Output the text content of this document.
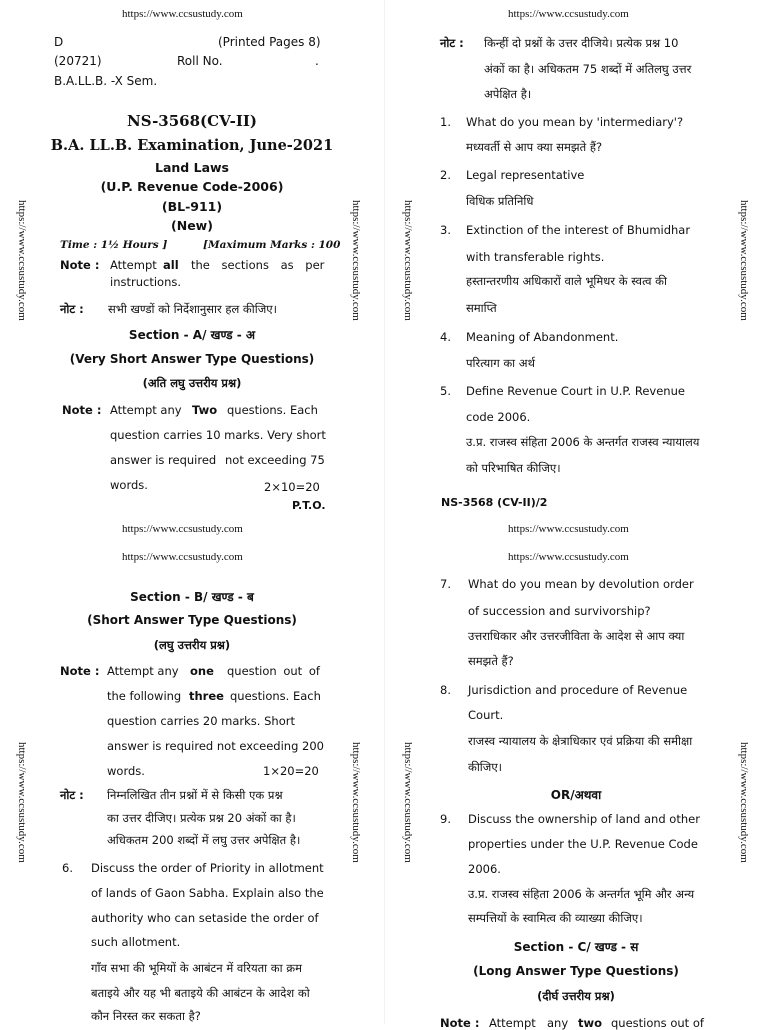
https://www.ccsustudy.com	https://www.ccsustudy.com
https://www.ccsustudy.com
https://www.ccsustudy.com
https://www.ccsustudy.com
https://www.ccsustudy.com
https://www.ccsustudy.com	https://www.ccsustudy.com	https://www.ccsustudy.com	https://www.ccsustudy.com
https://www.ccsustudy.com	https://www.ccsustudy.com	https://www.ccsustudy.com	https://www.ccsustudy.com
D	(Printed Pages 8)
(20721)	Roll No.	.
B.A.LL.B. -X Sem.
NS-3568(CV-II)
B.A. LL.B. Examination, June-2021
Land Laws
(U.P. Revenue Code-2006)
(BL-911)
(New)
Time : 1½ Hours ]	[Maximum Marks : 100
Note : Attempt all the sections as per
instructions.
नोट : सभी खण्डों को निर्देशानुसार हल कीजिए।
Section - A/ खण्ड - अ
(Very Short Answer Type Questions)
(अति लघु उत्तरीय प्रश्न)
Note : Attempt any Two questions. Each
question carries 10 marks. Very short
answer is required not exceeding 75
words.	2×10=20
P.T.O.
नोट : किन्हीं दो प्रश्नों के उत्तर दीजिये। प्रत्येक प्रश्न 10
अंकों का है। अधिकतम 75 शब्दों में अतिलघु उत्तर
अपेक्षित है।
1. What do you mean by 'intermediary'?
मध्यवर्ती से आप क्या समझते हैं?
2. Legal representative
विधिक प्रतिनिधि
3. Extinction of the interest of Bhumidhar
with transferable rights.
हस्तान्तरणीय अधिकारों वाले भूमिधर के स्वत्व की
समाप्ति
4. Meaning of Abandonment.
परित्याग का अर्थ
5. Define Revenue Court in U.P. Revenue
code 2006.
उ.प्र. राजस्व संहिता 2006 के अन्तर्गत राजस्व न्यायालय
को परिभाषित कीजिए।
NS-3568 (CV-II)/2
Section - B/ खण्ड - ब
(Short Answer Type Questions)
(लघु उत्तरीय प्रश्न)
Note : Attempt any one question out of
the following three questions. Each
question carries 20 marks. Short
answer is required not exceeding 200
words.	1×20=20
नोट : निम्नलिखित तीन प्रश्नों में से किसी एक प्रश्न
का उत्तर दीजिए। प्रत्येक प्रश्न 20 अंकों का है।
अधिकतम 200 शब्दों में लघु उत्तर अपेक्षित है।
6. Discuss the order of Priority in allotment
of lands of Gaon Sabha. Explain also the
authority who can setaside the order of
such allotment.
गाँव सभा की भूमियों के आबंटन में वरियता का क्रम
बताइये और यह भी बताइये की आबंटन के आदेश को
कौन निरस्त कर सकता है?
7. What do you mean by devolution order
of succession and survivorship?
उत्तराधिकार और उत्तरजीविता के आदेश से आप क्या
समझते हैं?
8. Jurisdiction and procedure of Revenue
Court.
राजस्व न्यायालय के क्षेत्राधिकार एवं प्रक्रिया की समीक्षा
कीजिए।
OR/अथवा
9. Discuss the ownership of land and other
properties under the U.P. Revenue Code
2006.
उ.प्र. राजस्व संहिता 2006 के अन्तर्गत भूमि और अन्य
सम्पत्तियों के स्वामित्व की व्याख्या कीजिए।
Section - C/ खण्ड - स
(Long Answer Type Questions)
(दीर्घ उत्तरीय प्रश्न)
Note : Attempt any two questions out of
